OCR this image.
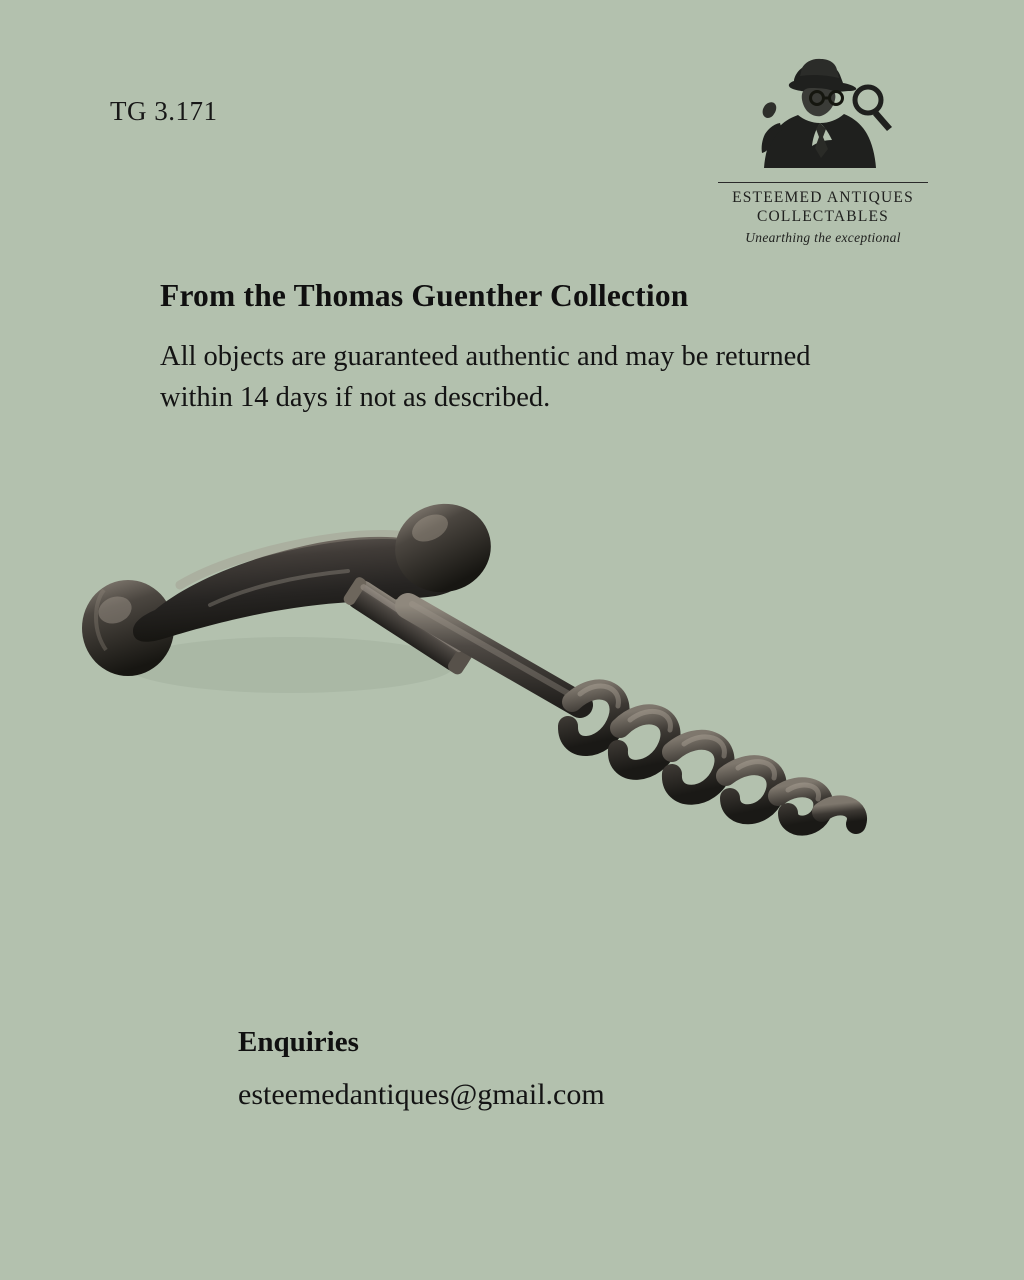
TG 3.171
ESTEEMED ANTIQUES
COLLECTABLES
Unearthing the exceptional
From the Thomas Guenther Collection
All objects are guaranteed authentic and may be returned within 14 days if not as described.
Enquiries
esteemedantiques@gmail.com
